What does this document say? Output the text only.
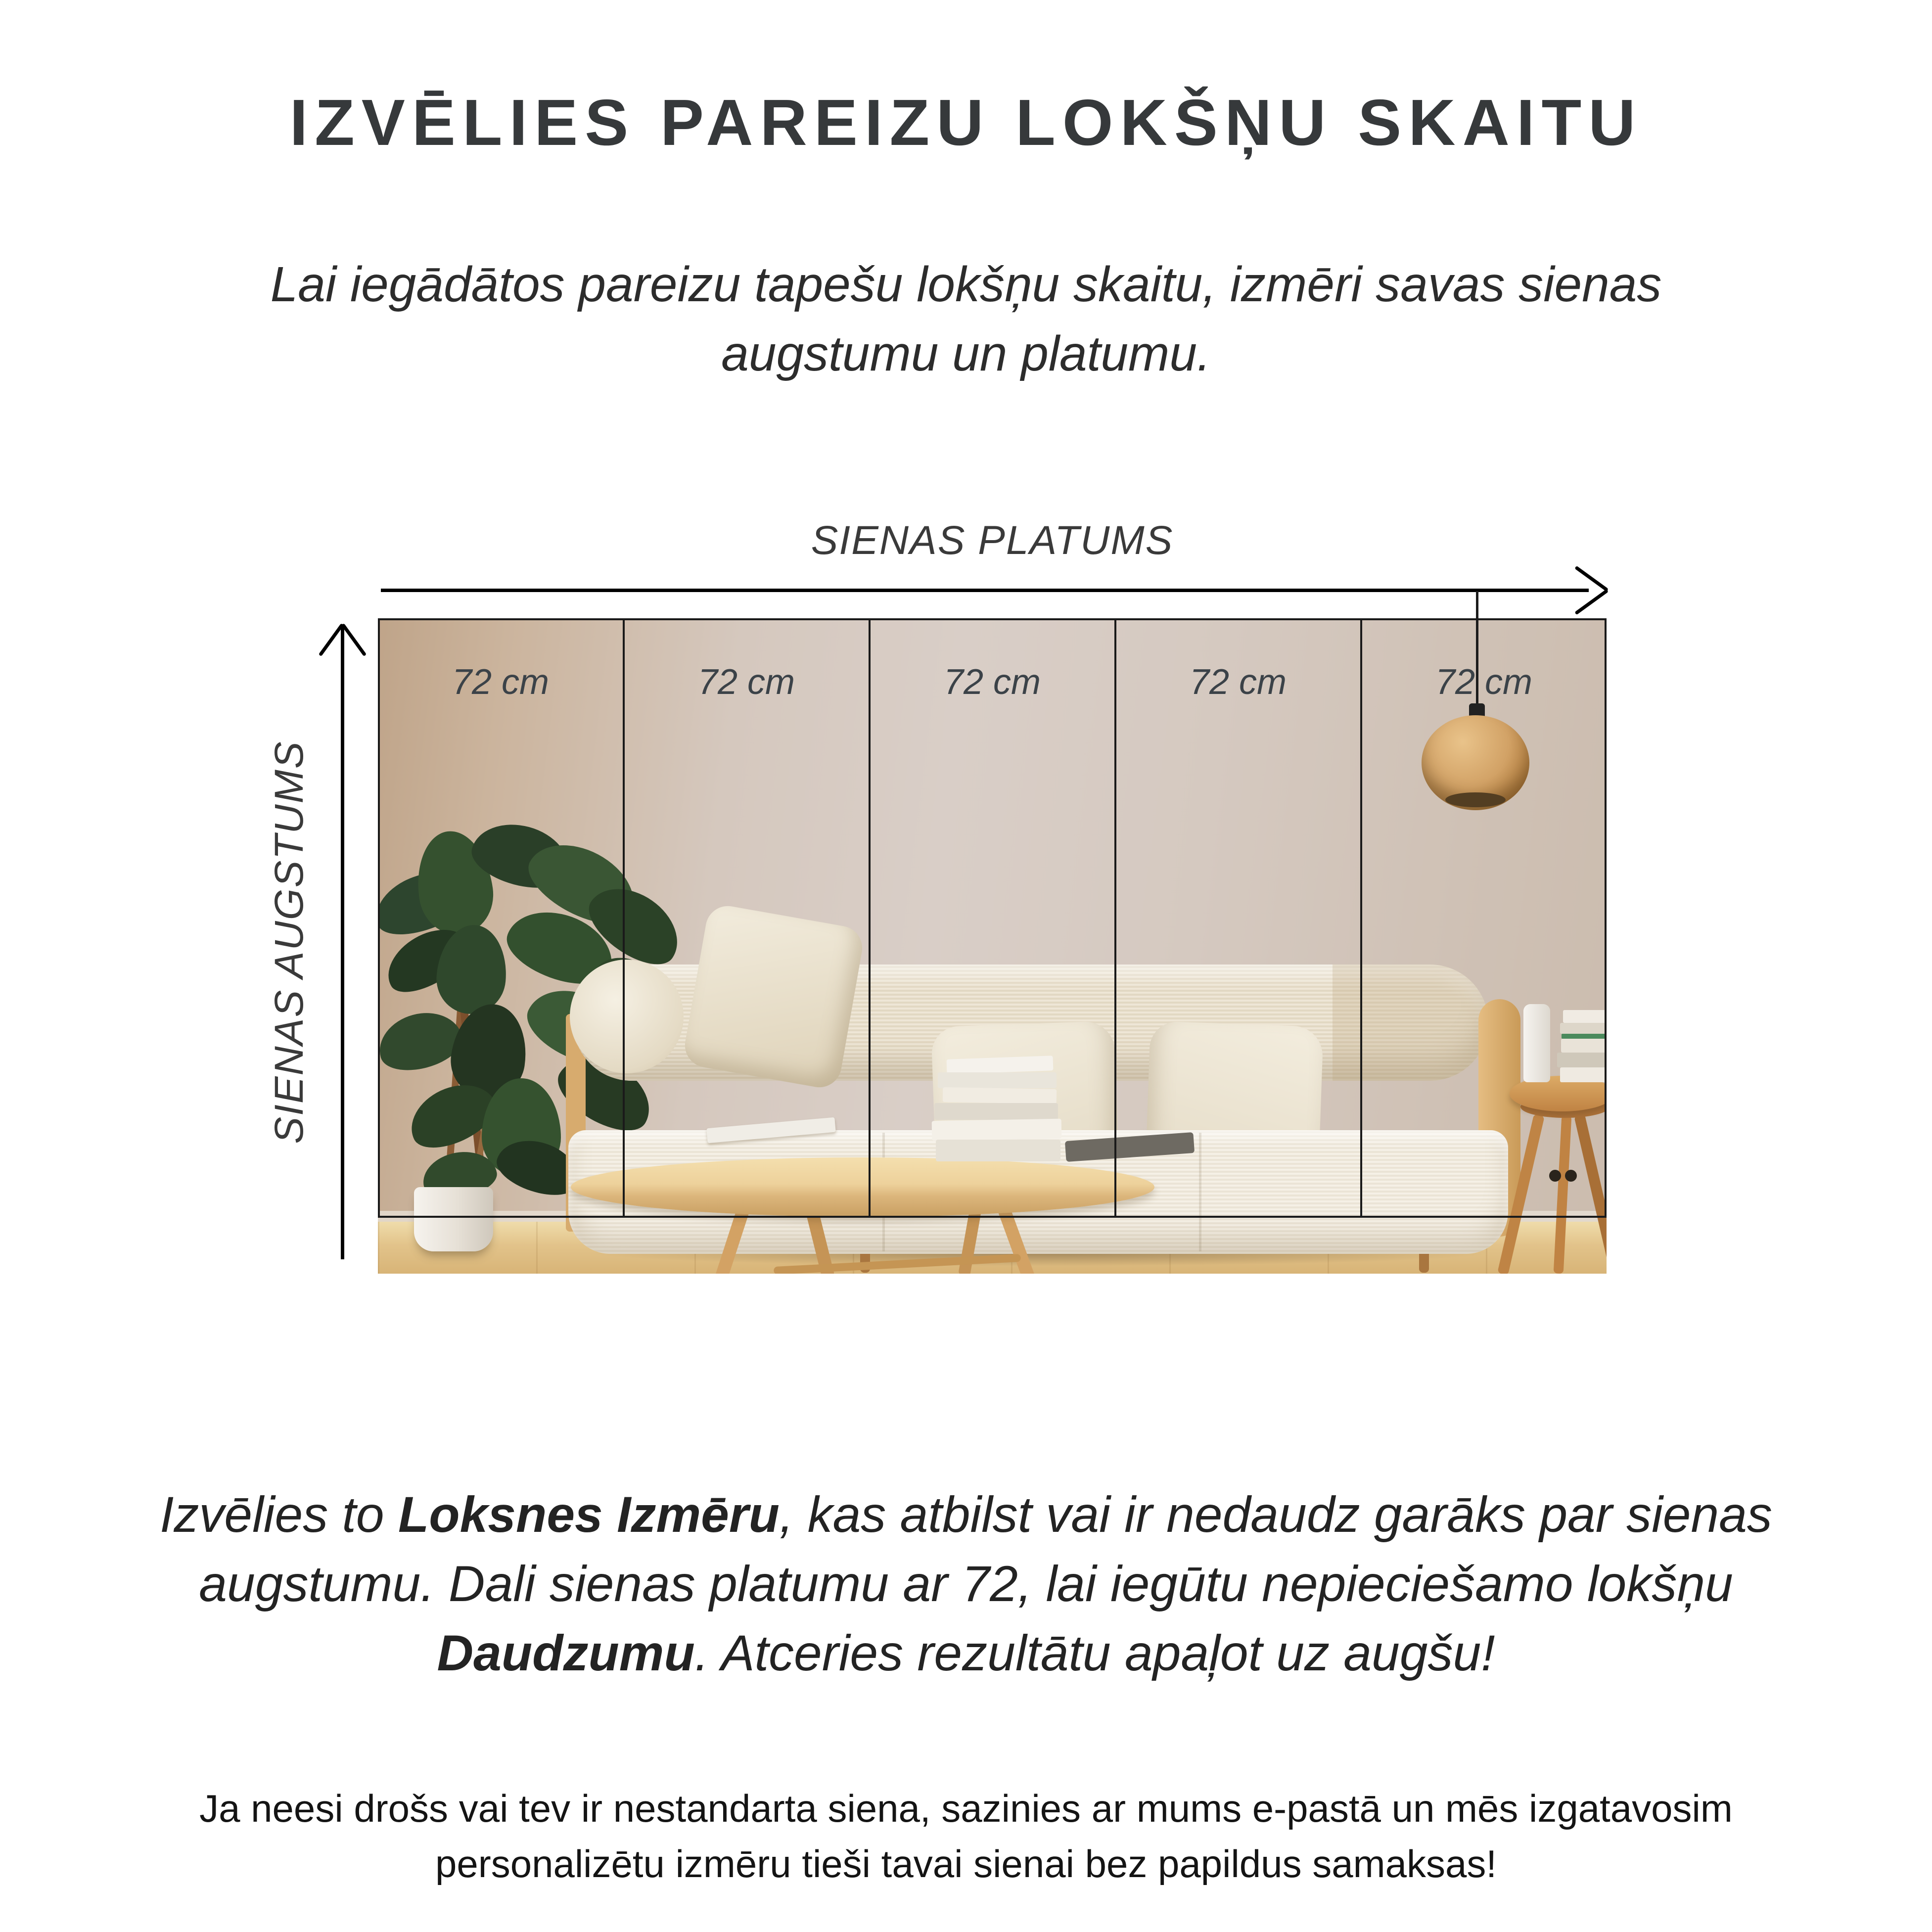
IZVĒLIES PAREIZU LOKŠŅU SKAITU
Lai iegādātos pareizu tapešu lokšņu skaitu, izmēri savas sienas
augstumu un platumu.
SIENAS PLATUMS
SIENAS AUGSTUMS
72 cm	72 cm	72 cm	72 cm	72 cm

Izvēlies to Loksnes Izmēru, kas atbilst vai ir nedaudz garāks par sienas augstumu. Dali sienas platumu ar 72, lai iegūtu nepieciešamo lokšņu Daudzumu. Atceries rezultātu apaļot uz augšu!

Ja neesi drošs vai tev ir nestandarta siena, sazinies ar mums e-pastā un mēs izgatavosim
personalizētu izmēru tieši tavai sienai bez papildus samaksas!
